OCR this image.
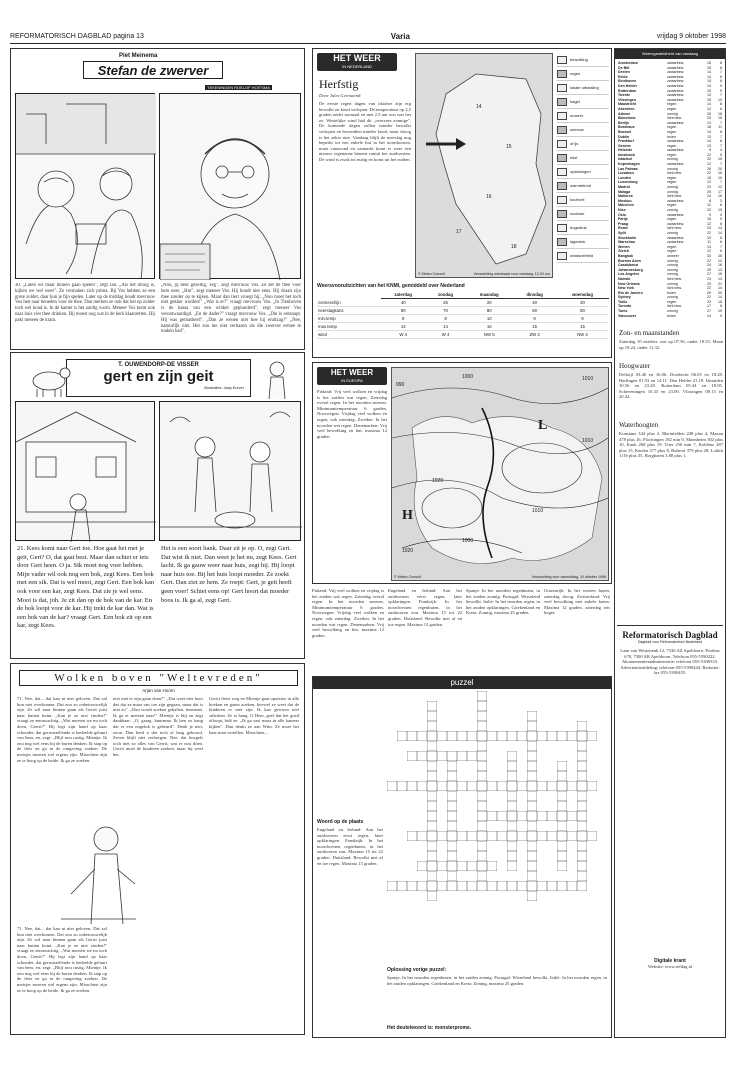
REFORMATORISCH DAGBLAD pagina 13	Varia	vrijdag 9 oktober 1998
Piet Meinema
Stefan de zwerver
TEKENINGEN ROELOF HOITSMA
30. „Laten we maar binnen gaan spelen", zegt Jan. „Als het droog is, kijken we wel weer". Ze vermaken zich prima. Bij Vos hebben ze een grote zolder, daar kun je fijn spelen. Later op de middag houdt mevrouw Vos hen naar beneden voor de thee. Dan merken ze ook dat het op zolder toch wel koud is. In de kamer is het aardig warm. Meneer Vos komt ook naar huis vier thee drinken. Hij moest nog wat in de kerk klaarzetten. Hij pakt meteen de krant.
„Nou, jij bent gezellig, Teg", zegt mevrouw Vos. Ze zet de thee voor hem neer. „Hm", zegt meneer Vos. Hij houdt niet eens. Hij draait zijn thee zonder op te kijken. Maar dan tiert vroegt hij: „Nou moet het toch niet gekker worden!" „Wat is er?" vraagt mevrouw Vos. „In Tienhoven is de kassa van een winkel geplunderd", zegt meneer Vos verontwaardigd. „En de dader?" vraagt mevrouw Vos. „Die is ontsnapt. Hij was gemaskerd". „Dan ze wenen niet hoe hij eruitzag?" „Nee, natuurlijk niet. Het zou me niet verbazen als die zwerver ermee te maken had".
T. OUWENDORP-DE VISSER
gert en zijn geit
Illustraties: Jaap Kurver
21. Kees komt naar Gert toe. Hoe gaat het met je geit, Gert? O, dat gaat best. Maar dan schiet er iets door Gert heen. O ja. Sik moet nog voer hebben. Mijn vader wil ook nog een bok, zegt Kees. Een bok met een sik. Dat is wel mooi, zegt Gert. Een bok kan ook voor een kar, zegt Kees. Dat zie je wel eens. Mooi is dat, joh. Je zit dan op de bok van de kar. En de bok loopt voor de kar. Hij trekt de kar dan. Wat is een bok van de kar? vraagt Gert. Een bok zit op een kar, zegt Kees.
Het is een soort bank. Daar zit je op. O, zegt Gert. Dat wist ik niet. Dan weet je het nu, zegt Kees. Gert lacht. Ik ga gauw weer naar huis, zegt hij. Hij loopt naar huis toe. Bij het huis loopt moeder. Ze zoekt Gert. Dan ziet ze hem. Ze roept: Gert, je geit heeft geen voer! Schiet eens op! Gert hoort dat moeder boos is. Ik ga al, zegt Gert.
Wolken boven "Weltevreden"
Arjan van Hoorn
71. Nee, dat... dat kan ni niet geloven. Dat zal hun niet overkomen. Dat zou zo onbetrouwelijk zijn. Ze wil naar binnen gaan als Gerrit juist naar buiten komt. „Kan je ze niet vinden?" vraagt ze zenuwachtig. „Wat moeten we nu toch doen, Gerrit?" Hij legt zijn hand op haar schouder, dat geruststellende is bedoelde geluurt van hem, en, zegt: „Blijf nou rustig, Mientje. Ik zou nog wel eens bij de buren denken. Ik stap op de fiets en ga in de omgeving zoeken. De meisjes moeten wel ergens zijn. Misschien zijn ze te hoog op de heide. Ik ga ze zoeken.
71. Nee, dat... dat kan ni niet geloven. Dat zal hun niet overkomen. Dat zou zo onbetrouwelijk zijn. Ze wil naar binnen gaan als Gerrit juist naar buiten komt. „Kan je ze niet vinden?" vraagt ze zenuwachtig. „Wat moeten we nu toch doen, Gerrit?" Hij legt zijn hand op haar schouder, dat geruststellende is bedoelde geluurt van hem, en, zegt: „Blijf nou rustig, Mientje. Ik zou nog wel eens bij de buren denken. Ik stap op de fiets en ga in de omgeving zoeken. De meisjes moeten wel ergens zijn. Misschien zijn ze te hoog op de heide. Ik ga ze zoeken.
niet met te zijn gaan doen?" „Dat weet niet hoor das dat ze maar ons toe zijn gegaan, maar dat is niet zo". „Dan wordt zoeken gehalten, beurman. Ik ga er meteen naar!" Mientje is blij en zegt dankbaar: „O, graag, buurman. Ik ben zo bang dat er een ongeluk is gebeurd". Denk je niet, zoon. Dan heid u dat toch al lang gehoord. Zeven blijft niet verborgen. Nee, dat hoegels toch niet zo alles van Gerrit, wat er nou doen. Gerrit moet de kinderen zoeken, maar hij weet het.
Gerrit fietst weg en Mientje gaat opnieuw in alle hoeken en gaten zoeken, hoewel ze weet dat de kinderen er niet zijn. Ik kan gewoon niet stilzitten. Ze is bang. O Heer, geef dat het goed afloopt, bidt ze. „Ik ga vast maar in alle kamers kijken". Dan denkt ze aan Wim. Ze moet het haar man vertellen. Misschien...
HET WEER
IN NEDERLAND
Herfstig
Door Jules Geirnaerdt
De eerste regen dagen van oktober zijn erg bewolkt en koud verlopen. De temperatuur op 2,5 graden onder normaal en met 2,5 uur zon was het zo. Westelijke wind had dit „overzees zonnige". De komende dagen zullen minder bewolkt verlopen en bovendien minder koud, maar droog is het zeker niet. Vandaag blijft de neerslag nog beperkt tot een enkele bui in het noordoosten, maar vanavond en vannacht komt er weer een nieuwe regenzone binnen vanuit het zuidwesten. De wind is zwak tot matig en komt uit het zuiden.
14
15
16
17
18
© Meteo Consult	Verwachting weerkaart voor vandaag, 12.00 uur
bewolking
regen
lokale uitstraling
hagel
onweer
sneeuw
of ijs
mist
opklaringen
warmtefront
koufront
occlusie
hogedruk
lagedruk
windsnelheid
Weersvooruitzichten van het KNMI, gemiddeld over Nederland
	zaterdag	zondag	maandag	dinsdag	woensdag
zonneschijn	40	25	20	40	20
neerslagkans	80	70	80	60	80
min.temp	8	8	10	9	9
max.temp	14	14	16	15	15
wind	W 4	W 4	NW 5	ZW 3	NW 4
Weersgesteldheid van vandaag
Amsterdam	zwaarbew.	15	8
De Bilt	zwaarbew.	15	8
Deelen	zwaarbew.	14	7
Eelde	zwaarbew.	14	6
Eindhoven	zwaarbew.	15	8
Den Helder	zwaarbew.	14	9
Rotterdam	zwaarbew.	15	9
Twente	zwaarbew.	13	7
Vlissingen	zwaarbew.	15	10
Maastricht	regen	14	8
Aberdeen	regen	12	6
Athene	zonnig	26	18
Barcelona	licht bew.	23	15
Berlijn	zwaarbew.	13	7
Bordeaux	regen	18	11
Brussel	regen	14	8
Dublin	buien	13	7
Frankfurt	zwaarbew.	14	8
Genève	regen	13	7
Helsinki	zwaarbew.	9	4
Innsbruck	regen	12	5
Istanbul	zonnig	22	15
Kopenhagen	zwaarbew.	12	7
Las Palmas	zonnig	26	20
Lissabon	licht bew.	22	16
Londen	regen	15	10
Luxemburg	regen	12	7
Madrid	zonnig	23	12
Malaga	zonnig	25	17
Mallorca	licht bew.	24	16
Moskou	zwaarbew.	8	3
München	regen	12	6
Nice	zonnig	22	15
Oslo	zwaarbew.	9	4
Parijs	regen	15	9
Praag	zwaarbew.	12	6
Rome	licht bew.	23	14
Split	zonnig	22	14
Stockholm	zwaarbew.	10	5
Warschau	zwaarbew.	11	6
Wenen	regen	13	7
Zürich	regen	12	6
Bangkok	onweer	33	25
Buenos Aires	zonnig	22	12
Casablanca	zonnig	24	16
Johannesburg	zonnig	25	13
Los Angeles	zonnig	27	16
Nairobi	licht bew.	24	13
New Orleans	zonnig	29	21
New York	licht bew.	22	14
Rio de Janeiro	buien	26	20
Sydney	zonnig	22	14
Tokio	regen	23	18
Toronto	licht bew.	17	8
Tunis	zonnig	27	19
Vancouver	buien	14	9
Zon- en maanstanden
Zaterdag 10 oktober: zon op 07.56, onder 18.53. Maan op 19.24, onder 11.32.
Hoogwater
Delfzijl 03.46 en 16.06. Dordrecht 06.03 en 18.28. Harlingen 01.53 en 14.11. Den Helder 21.19. IJmuiden 10.56 en 23.28. Rotterdam 05.44 en 18.05. Scheveningen 10.33 en 23.00. Vlissingen 08.13 en 20.42.
Waterhoogten
Konstanz 344 plus 2, Rheinfelden 248 plus 4, Maxau 478 plus 16, Plochingen 182 min 9, Mannheim 302 plus 10, Kaub 268 plus 19, Trier 256 min 7, Koblenz 287 plus 15, Keulen 377 plus 8, Ruhrort 379 plus 28, Lobith 1116 plus 35, Borgharen 3.88 plus 1.
Reformatorisch Dagblad
Dagblad voor Reformatorisch Nederland
Laan van Westenenk 12, 7336 AZ Apeldoorn. Postbus 670, 7300 AR Apeldoorn. Telefoon 055-5390222. Abonnementenadministratie: telefoon 055-5390333. Advertentieafdeling: telefoon 055-5390444. Redactie: fax 055-5390455.
Digitale krant
Website: www.refdag.nl
HET WEER
IN EUROPA
Finland: Vrij veel wolken en vrijdag is het zuiden wat regen. Zaterdag overal regen. In het noorden sneeuw. Minimumtemperatuur 6 graden. Noorwegen: Vrijdag veel wolken en regen, ook zaterdag. Zweden: In het noorden wat regen. Denemarken: Vrij veel bewolking en bui, maxima 12 graden.
990
1000	1010
1010
1020
1010
1000
1020
H
L
© Meteo Consult	Verwachting voor vanmiddag, 10 oktober 1998
Engeland en Ierland: Aan het zuidwesten eerst regen, later opklaringen. Frankrijk: In het noordwesten regenbuien, in het zuidoosten zon. Maxima 15 tot 22 graden. Duitsland: Bewolkt met af en toe regen. Maxima 13 graden.
Spanje: In het noorden regenbuien, in het zuiden zonnig. Portugal: Wisselend bewolkt. Italië: In het noorden regen, in het zuiden opklaringen. Griekenland en Kreta: Zonnig, maxima 25 graden.
Oostenrijk: In het westen buien, zaterdag droog. Zwitserland: Vrij veel bewolking met enkele buien. Maxima 12 graden, zaterdag iets hoger.
Finland: Vrij veel wolken en vrijdag is het zuiden wat regen. Zaterdag overal regen. In het noorden sneeuw. Minimumtemperatuur 6 graden. Noorwegen: Vrijdag veel wolken en regen, ook zaterdag. Zweden: In het noorden wat regen. Denemarken: Vrij veel bewolking en bui, maxima 12 graden.
puzzel
Woord op de plaats
Engeland en Ierland: Aan het zuidwesten eerst regen, later opklaringen. Frankrijk: In het noordwesten regenbuien, in het zuidoosten zon. Maxima 15 tot 22 graden. Duitsland: Bewolkt met af en toe regen. Maxima 13 graden.
Oplossing vorige puzzel:
Spanje: In het noorden regenbuien, in het zuiden zonnig. Portugal: Wisselend bewolkt. Italië: In het noorden regen, in het zuiden opklaringen. Griekenland en Kreta: Zonnig, maxima 25 graden.
Het deutelwoord is: monsterprome.
